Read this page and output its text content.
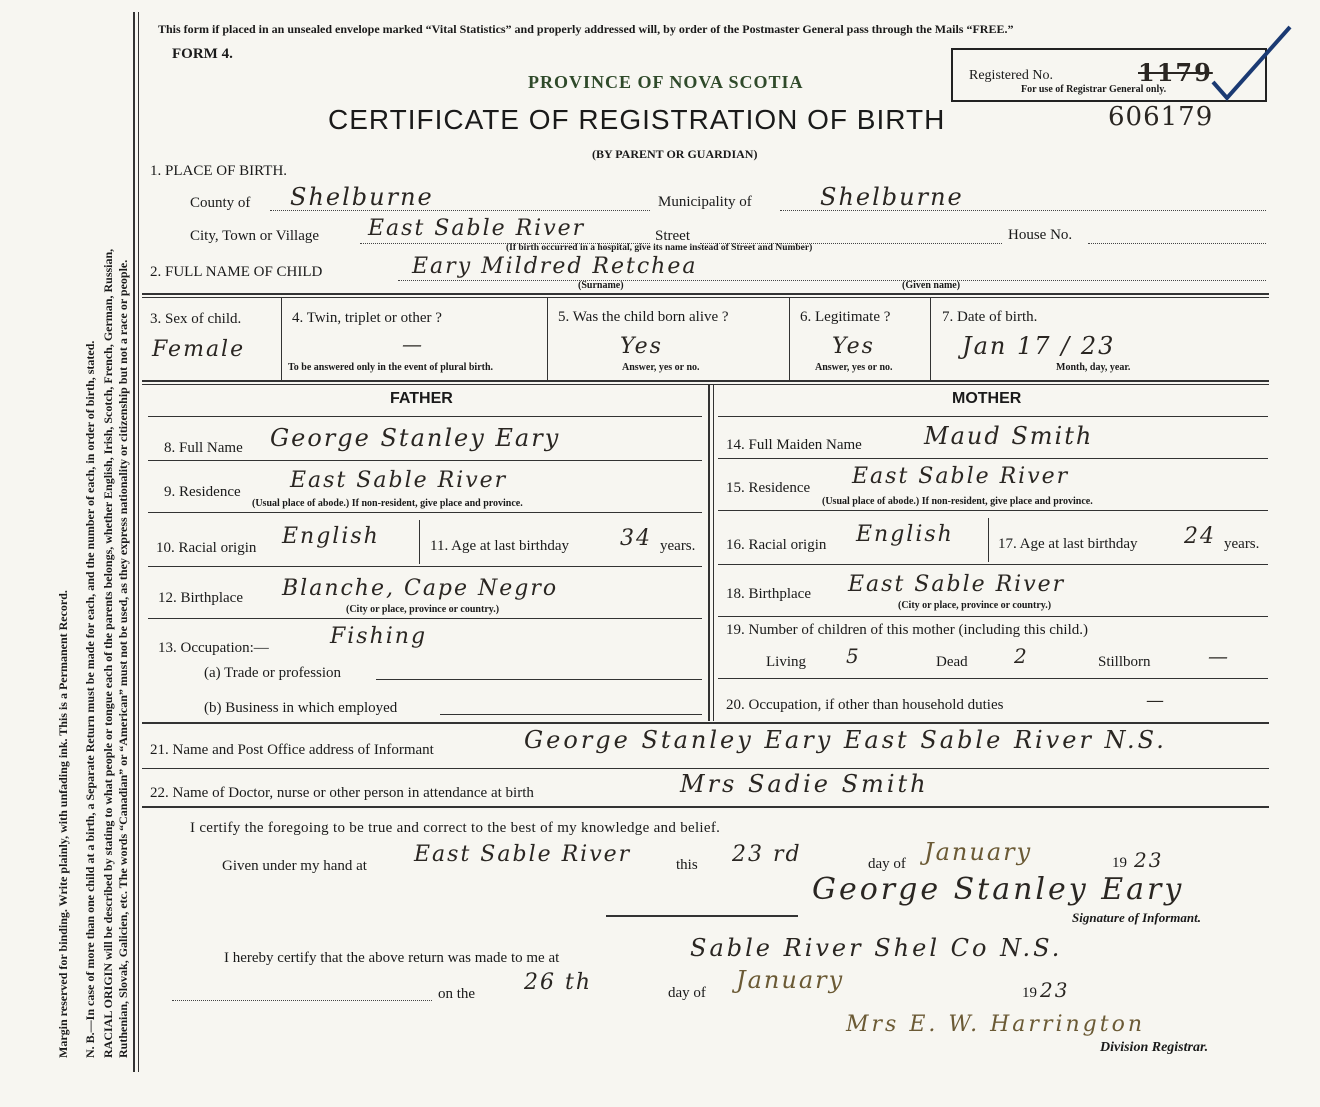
Margin reserved for binding. Write plainly, with unfading ink. This is a Permanent Record. N. B.—In case of more than one child at a birth, a Separate Return must be made for each, and the number of each, in order of birth, stated. RACIAL ORIGIN will be described by stating to what people or tongue each of the parents belongs, whether English, Irish, Scotch, French, German, Russian, Ruthenian, Slovak, Galicien, etc. The words “Canadian” or “American” must not be used, as they express nationality or citizenship but not a race or people.
This form if placed in an unsealed envelope marked “Vital Statistics” and properly addressed will, by order of the Postmaster General pass through the Mails “FREE.”
FORM 4.
PROVINCE OF NOVA SCOTIA	Registered No.	1179
For use of Registrar General only.
CERTIFICATE OF REGISTRATION OF BIRTH	606179
(BY PARENT OR GUARDIAN)
1. PLACE OF BIRTH.
County of Shelburne	Municipality of	Shelburne
City, Town or Village East Sable River	Street	House No.
(If birth occurred in a hospital, give its name instead of Street and Number)
2. FULL NAME OF CHILD	Eary Mildred Retchea
(Surname)	(Given name)
3. Sex of child.
Female
4. Twin, triplet or other ?
—
To be answered only in the event of plural birth.
5. Was the child born alive ?
Yes
Answer, yes or no.
6. Legitimate ?
Yes
Answer, yes or no.
7. Date of birth.
Jan 17 / 23
Month, day, year.
FATHER	MOTHER
8. Full Name George Stanley Eary
9. Residence East Sable River
(Usual place of abode.) If non-resident, give place and province.
10. Racial origin English	11. Age at last birthday 34 years.
12. Birthplace Blanche, Cape Negro
(City or place, province or country.)
13. Occupation:—	Fishing
(a) Trade or profession
(b) Business in which employed
14. Full Maiden Name	Maud Smith
15. Residence East Sable River
(Usual place of abode.) If non-resident, give place and province.
16. Racial origin English	17. Age at last birthday 24 years.
18. Birthplace East Sable River
(City or place, province or country.)
19. Number of children of this mother (including this child.)
Living 5	Dead 2	Stillborn	—
20. Occupation, if other than household duties	—
21. Name and Post Office address of Informant	George Stanley Eary East Sable River N.S.
22. Name of Doctor, nurse or other person in attendance at birth	Mrs Sadie Smith
I certify the foregoing to be true and correct to the best of my knowledge and belief.
Given under my hand at East Sable River	this 23 rd	day of January	19 23
George Stanley Eary
Signature of Informant.
I hereby certify that the above return was made to me at	Sable River Shel Co N.S.
on the 26 th	day of January	19 23
Mrs E. W. Harrington
Division Registrar.
